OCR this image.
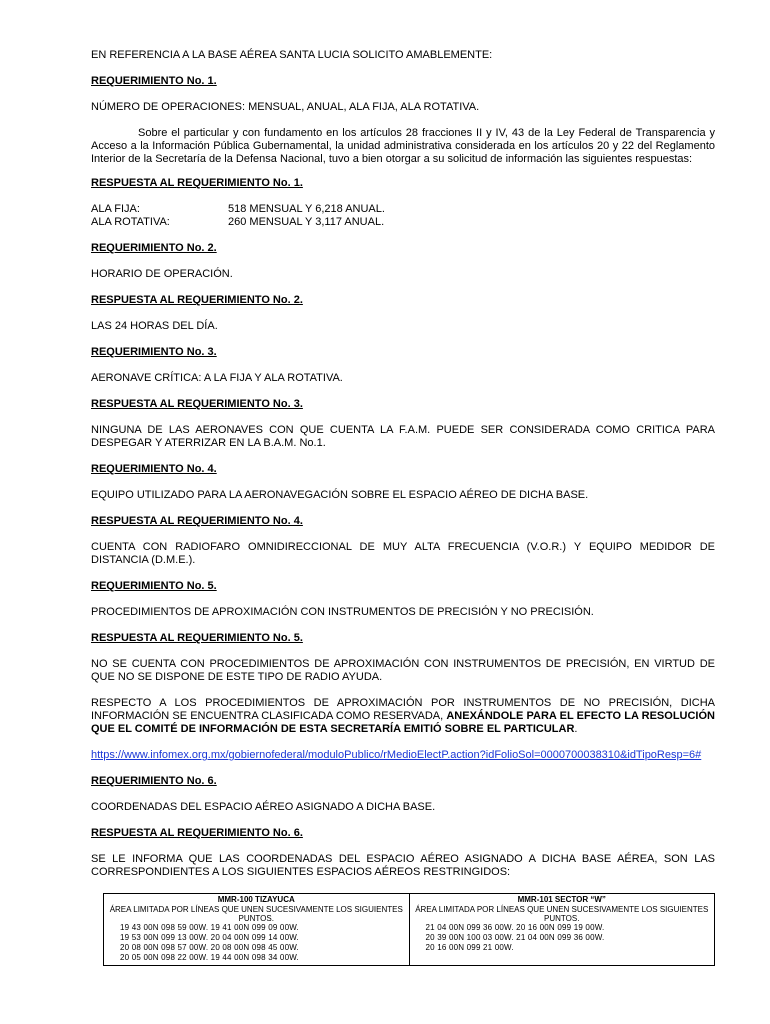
EN REFERENCIA A LA BASE AÉREA SANTA LUCIA SOLICITO AMABLEMENTE:

REQUERIMIENTO No. 1.

NÚMERO DE OPERACIONES: MENSUAL, ANUAL, ALA FIJA, ALA ROTATIVA.

Sobre el particular y con fundamento en los artículos 28 fracciones II y IV, 43 de la Ley Federal de Transparencia y Acceso a la Información Pública Gubernamental, la unidad administrativa considerada en los artículos 20 y 22 del Reglamento Interior de la Secretaría de la Defensa Nacional, tuvo a bien otorgar a su solicitud de información las siguientes respuestas:

RESPUESTA AL REQUERIMIENTO No. 1.

ALA FIJA:	518 MENSUAL Y 6,218 ANUAL.
ALA ROTATIVA:	260 MENSUAL Y 3,117 ANUAL.

REQUERIMIENTO No. 2.

HORARIO DE OPERACIÓN.

RESPUESTA AL REQUERIMIENTO No. 2.

LAS 24 HORAS DEL DÍA.

REQUERIMIENTO No. 3.

AERONAVE CRÍTICA: A LA FIJA Y ALA ROTATIVA.

RESPUESTA AL REQUERIMIENTO No. 3.

NINGUNA DE LAS AERONAVES CON QUE CUENTA LA F.A.M. PUEDE SER CONSIDERADA COMO CRITICA PARA DESPEGAR Y ATERRIZAR EN LA B.A.M. No.1.

REQUERIMIENTO No. 4.

EQUIPO UTILIZADO PARA LA AERONAVEGACIÓN SOBRE EL ESPACIO AÉREO DE DICHA BASE.

RESPUESTA AL REQUERIMIENTO No. 4.

CUENTA CON RADIOFARO OMNIDIRECCIONAL DE MUY ALTA FRECUENCIA (V.O.R.) Y EQUIPO MEDIDOR DE DISTANCIA (D.M.E.).

REQUERIMIENTO No. 5.

PROCEDIMIENTOS DE APROXIMACIÓN CON INSTRUMENTOS DE PRECISIÓN Y NO PRECISIÓN.

RESPUESTA AL REQUERIMIENTO No. 5.

NO SE CUENTA CON PROCEDIMIENTOS DE APROXIMACIÓN CON INSTRUMENTOS DE PRECISIÓN, EN VIRTUD DE QUE NO SE DISPONE DE ESTE TIPO DE RADIO AYUDA.

RESPECTO A LOS PROCEDIMIENTOS DE APROXIMACIÓN POR INSTRUMENTOS DE NO PRECISIÓN, DICHA INFORMACIÓN SE ENCUENTRA CLASIFICADA COMO RESERVADA, ANEXÁNDOLE PARA EL EFECTO LA RESOLUCIÓN QUE EL COMITÉ DE INFORMACIÓN DE ESTA SECRETARÍA EMITIÓ SOBRE EL PARTICULAR.

https://www.infomex.org.mx/gobiernofederal/moduloPublico/rMedioElectP.action?idFolioSol=0000700038310&idTipoResp=6#

REQUERIMIENTO No. 6.

COORDENADAS DEL ESPACIO AÉREO ASIGNADO A DICHA BASE.

RESPUESTA AL REQUERIMIENTO No. 6.

SE LE INFORMA QUE LAS COORDENADAS DEL ESPACIO AÉREO ASIGNADO A DICHA BASE AÉREA, SON LAS CORRESPONDIENTES A LOS SIGUIENTES ESPACIOS AÉREOS RESTRINGIDOS:

MMR-100 TIZAYUCA
ÁREA LIMITADA POR LÍNEAS QUE UNEN SUCESIVAMENTE LOS SIGUIENTES PUNTOS.
19 43 00N 098 59 00W. 19 41 00N 099 09 00W.
19 53 00N 099 13 00W. 20 04 00N 099 14 00W.
20 08 00N 098 57 00W. 20 08 00N 098 45 00W.
20 05 00N 098 22 00W. 19 44 00N 098 34 00W.

MMR-101 SECTOR “W”
ÁREA LIMITADA POR LÍNEAS QUE UNEN SUCESIVAMENTE LOS SIGUIENTES PUNTOS.
21 04 00N 099 36 00W. 20 16 00N 099 19 00W.
20 39 00N 100 03 00W. 21 04 00N 099 36 00W.
20 16 00N 099 21 00W.
